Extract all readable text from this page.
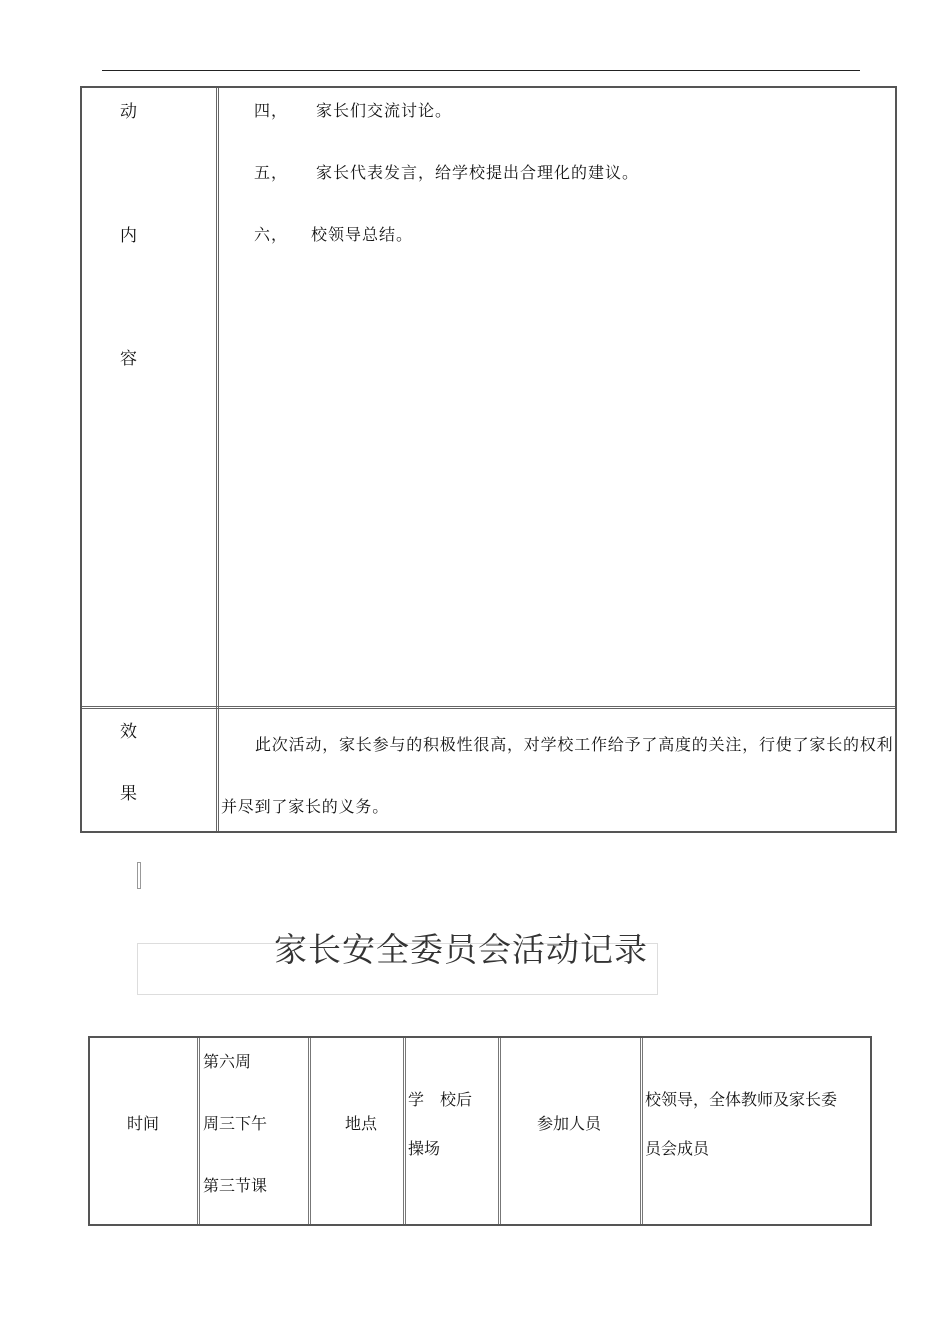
动
内
容
四， 家长们交流讨论。
五， 家长代表发言，给学校提出合理化的建议。
六， 校领导总结。
效
果

此次活动，家长参与的积极性很高，对学校工作给予了高度的关注，行使了家长的权利并尽到了家长的义务。

家长安全委员会活动记录
时间
第六周
周三下午
第三节课
地点
学　校后
操场
参加人员
校领导，全体教师及家长委
员会成员
